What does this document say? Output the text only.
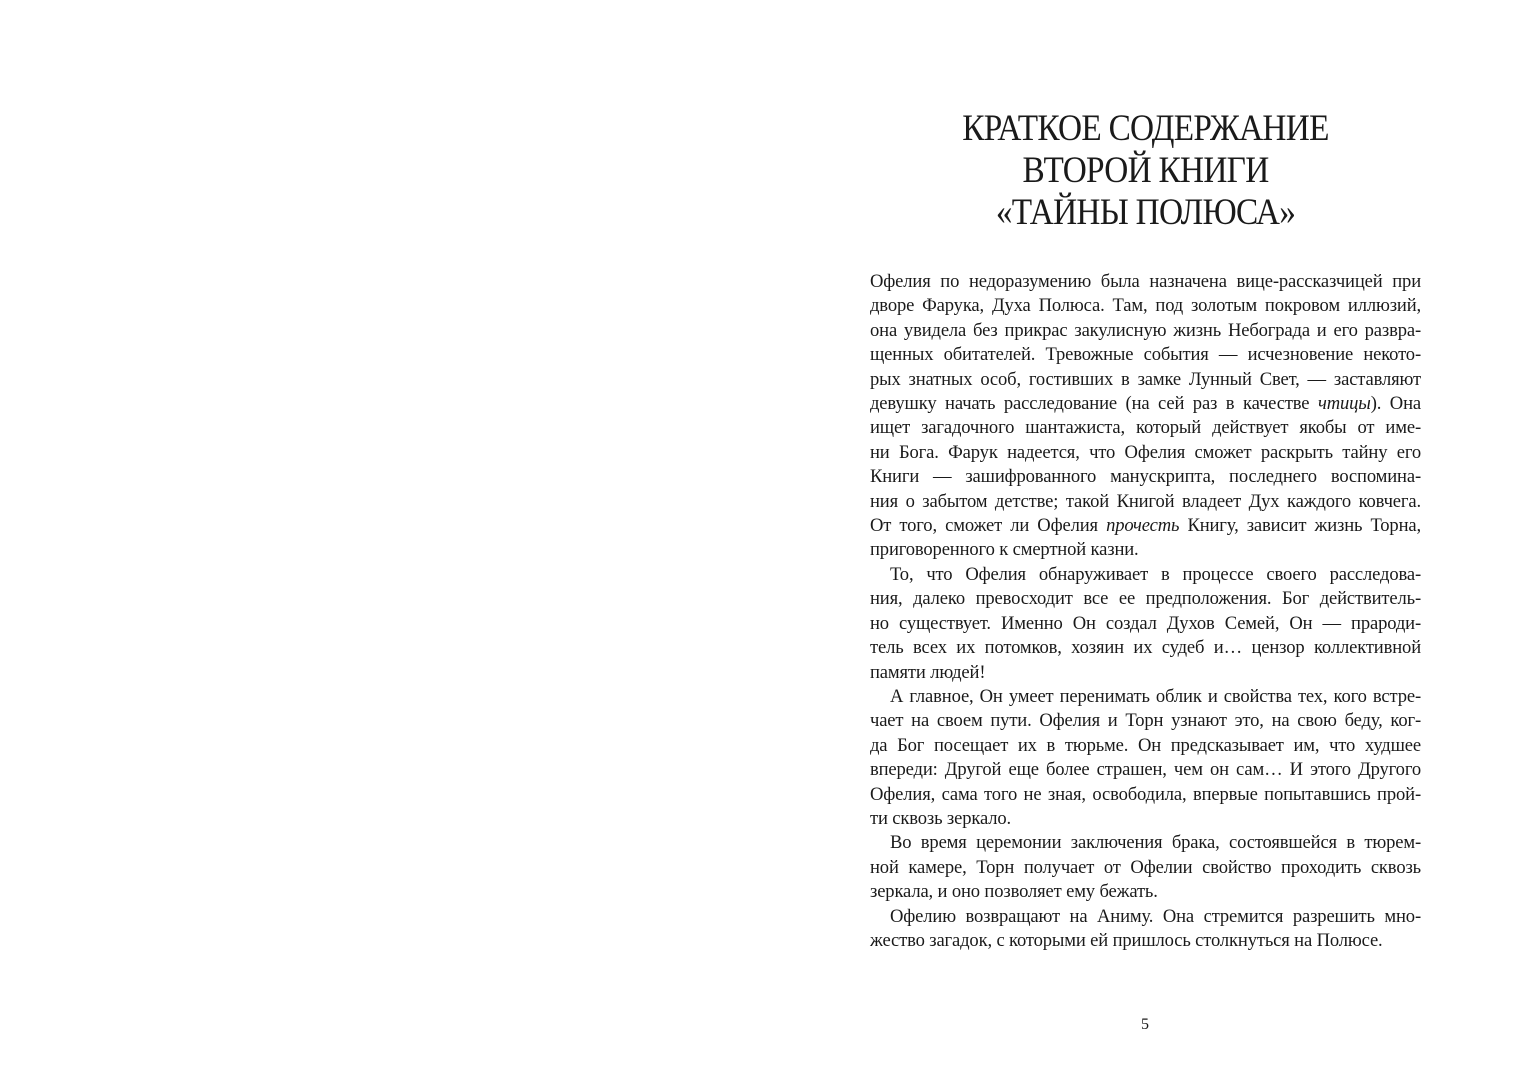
КРАТКОЕ СОДЕРЖАНИЕ
ВТОРОЙ КНИГИ
«ТАЙНЫ ПОЛЮСА»
Офелия по недоразумению была назначена вице-рассказчицей при
дворе Фарука, Духа Полюса. Там, под золотым покровом иллюзий,
она увидела без прикрас закулисную жизнь Небограда и его развра-
щенных обитателей. Тревожные события — исчезновение некото-
рых знатных особ, гостивших в замке Лунный Свет, — заставляют
девушку начать расследование (на сей раз в качестве чтицы). Она
ищет загадочного шантажиста, который действует якобы от име-
ни Бога. Фарук надеется, что Офелия сможет раскрыть тайну его
Книги — зашифрованного манускрипта, последнего воспомина-
ния о забытом детстве; такой Книгой владеет Дух каждого ковчега.
От того, сможет ли Офелия прочесть Книгу, зависит жизнь Торна,
приговоренного к смертной казни.
То, что Офелия обнаруживает в процессе своего расследова-
ния, далеко превосходит все ее предположения. Бог действитель-
но существует. Именно Он создал Духов Семей, Он — прароди-
тель всех их потомков, хозяин их судеб и… цензор коллективной
памяти людей!
А главное, Он умеет перенимать облик и свойства тех, кого встре-
чает на своем пути. Офелия и Торн узнают это, на свою беду, ког-
да Бог посещает их в тюрьме. Он предсказывает им, что худшее
впереди: Другой еще более страшен, чем он сам… И этого Другого
Офелия, сама того не зная, освободила, впервые попытавшись прой-
ти сквозь зеркало.
Во время церемонии заключения брака, состоявшейся в тюрем-
ной камере, Торн получает от Офелии свойство проходить сквозь
зеркала, и оно позволяет ему бежать.
Офелию возвращают на Аниму. Она стремится разрешить мно-
жество загадок, с которыми ей пришлось столкнуться на Полюсе.
5
